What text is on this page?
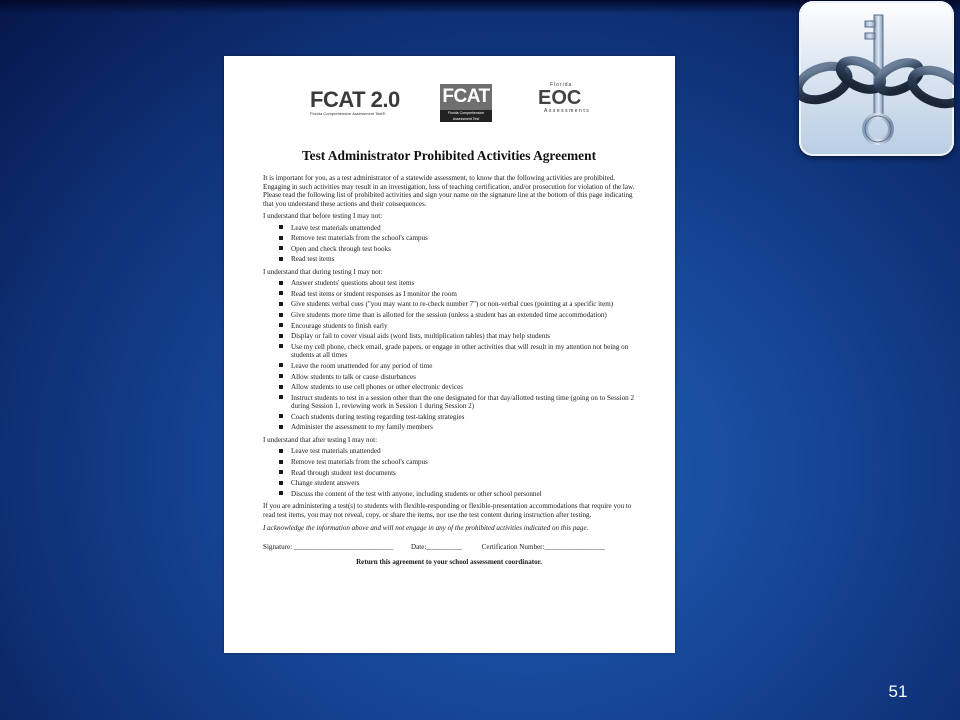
FCAT 2.0
Florida Comprehensive Assessment Test®
FCAT
Florida Comprehensive Assessment Test
Florida
EOC
Assessments
Test Administrator Prohibited Activities Agreement

It is important for you, as a test administrator of a statewide assessment, to know that the following activities are prohibited. Engaging in such activities may result in an investigation, loss of teaching certification, and/or prosecution for violation of the law. Please read the following list of prohibited activities and sign your name on the signature line at the bottom of this page indicating that you understand these actions and their consequences.

I understand that before testing I may not:

Leave test materials unattended
Remove test materials from the school's campus
Open and check through test books
Read test items

I understand that during testing I may not:

Answer students' questions about test items
Read test items or student responses as I monitor the room
Give students verbal cues ("you may want to re-check number 7") or non-verbal cues (pointing at a specific item)
Give students more time than is allotted for the session (unless a student has an extended time accommodation)
Encourage students to finish early
Display or fail to cover visual aids (word lists, multiplication tables) that may help students
Use my cell phone, check email, grade papers, or engage in other activities that will result in my attention not being on students at all times
Leave the room unattended for any period of time
Allow students to talk or cause disturbances
Allow students to use cell phones or other electronic devices
Instruct students to test in a session other than the one designated for that day/allotted testing time (going on to Session 2 during Session 1, reviewing work in Session 1 during Session 2)
Coach students during testing regarding test-taking strategies
Administer the assessment to my family members

I understand that after testing I may not:

Leave test materials unattended
Remove test materials from the school's campus
Read through student test documents
Change student answers
Discuss the content of the test with anyone, including students or other school personnel

If you are administering a test(s) to students with flexible-responding or flexible-presentation accommodations that require you to read test items, you may not reveal, copy, or share the items, nor use the test content during instruction after testing.

I acknowledge the information above and will not engage in any of the prohibited activities indicated on this page.

Signature: ____________________________	Date:__________	Certification Number:_________________

Return this agreement to your school assessment coordinator.

51
